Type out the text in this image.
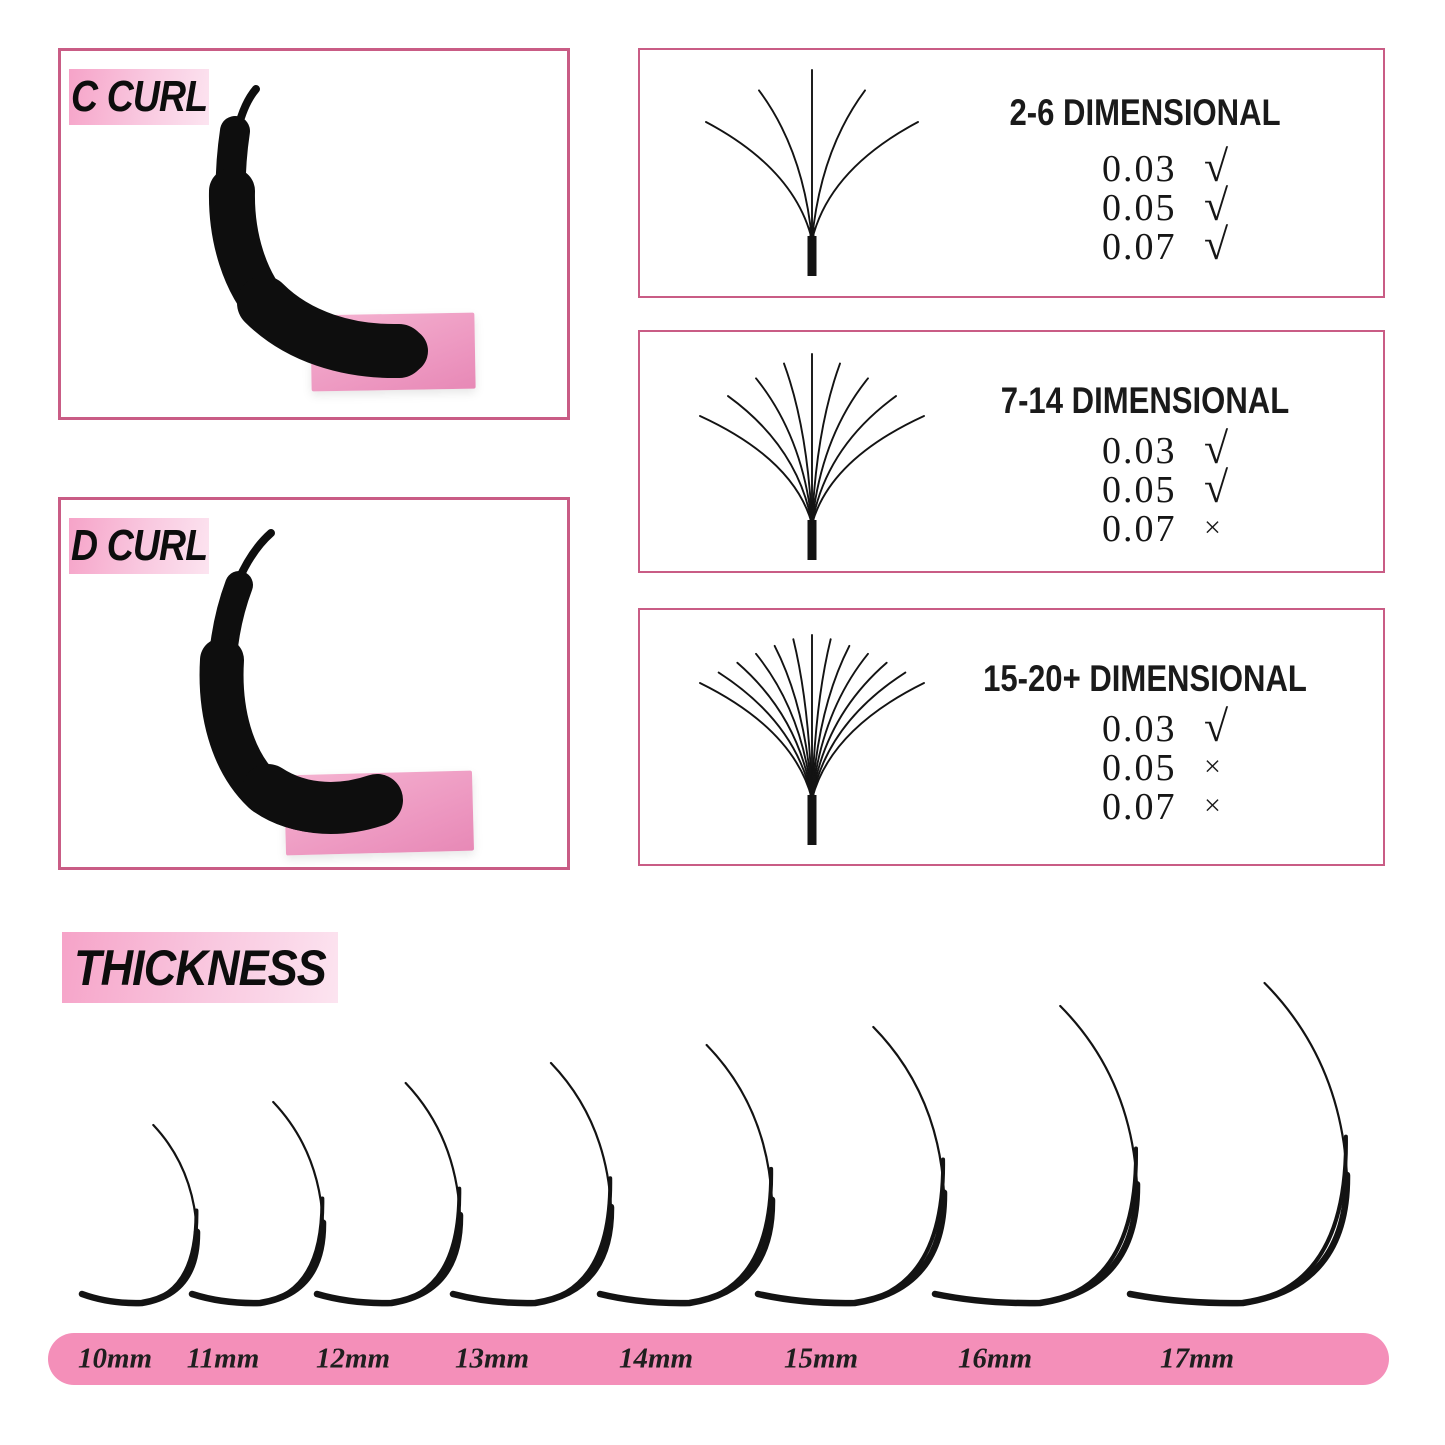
C CURL
D CURL
2-6 DIMENSIONAL
0.03 √
0.05 √
0.07 √
7-14 DIMENSIONAL
0.03 √
0.05 √
0.07 ×
15-20+ DIMENSIONAL
0.03 √
0.05 ×
0.07 ×
THICKNESS
10mm 11mm 12mm 13mm	14mm	15mm	16mm	17mm
